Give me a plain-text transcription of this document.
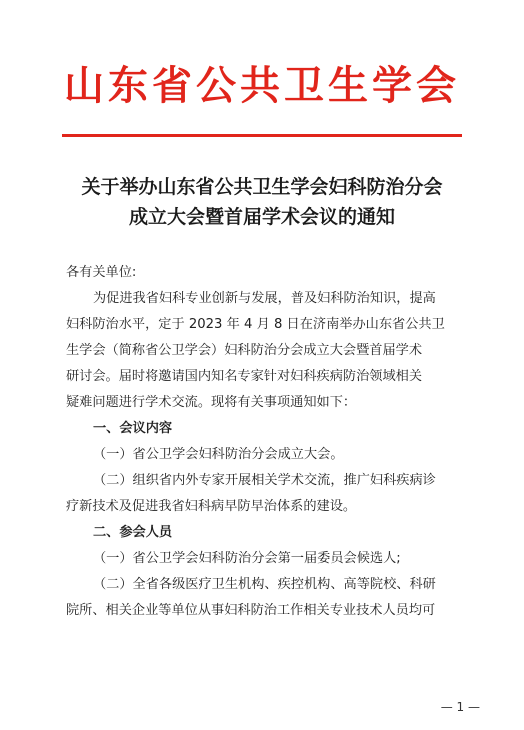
山东省公共卫生学会
关于举办山东省公共卫生学会妇科防治分会
成立大会暨首届学术会议的通知
各有关单位:
为促进我省妇科专业创新与发展，普及妇科防治知识，提高
妇科防治水平，定于 2023 年 4 月 8 日在济南举办山东省公共卫
生学会（简称省公卫学会）妇科防治分会成立大会暨首届学术
研讨会。届时将邀请国内知名专家针对妇科疾病防治领域相关
疑难问题进行学术交流。现将有关事项通知如下：
一、会议内容
（一）省公卫学会妇科防治分会成立大会。
（二）组织省内外专家开展相关学术交流，推广妇科疾病诊
疗新技术及促进我省妇科病早防早治体系的建设。
二、参会人员
（一）省公卫学会妇科防治分会第一届委员会候选人;
（二）全省各级医疗卫生机构、疾控机构、高等院校、科研
院所、相关企业等单位从事妇科防治工作相关专业技术人员均可
— 1 —
